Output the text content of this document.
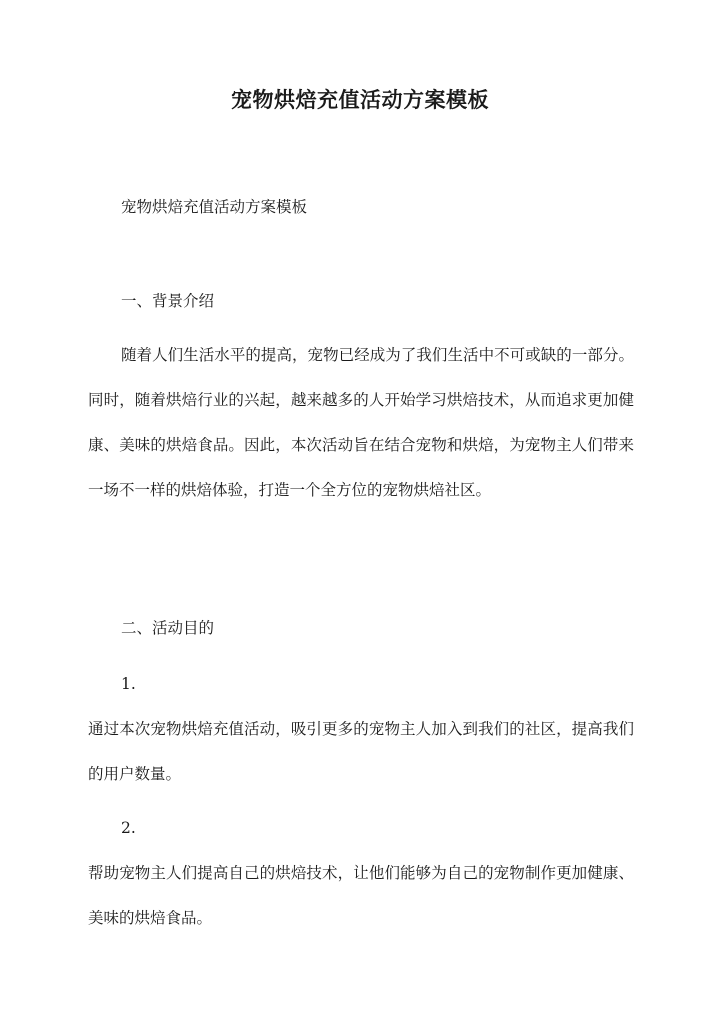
宠物烘焙充值活动方案模板
宠物烘焙充值活动方案模板
一、背景介绍
随着人们生活水平的提高，宠物已经成为了我们生活中不可或缺的一部分。同时，随着烘焙行业的兴起，越来越多的人开始学习烘焙技术，从而追求更加健康、美味的烘焙食品。因此，本次活动旨在结合宠物和烘焙，为宠物主人们带来一场不一样的烘焙体验，打造一个全方位的宠物烘焙社区。
二、活动目的
1.
通过本次宠物烘焙充值活动，吸引更多的宠物主人加入到我们的社区，提高我们的用户数量。
2.
帮助宠物主人们提高自己的烘焙技术，让他们能够为自己的宠物制作更加健康、美味的烘焙食品。
